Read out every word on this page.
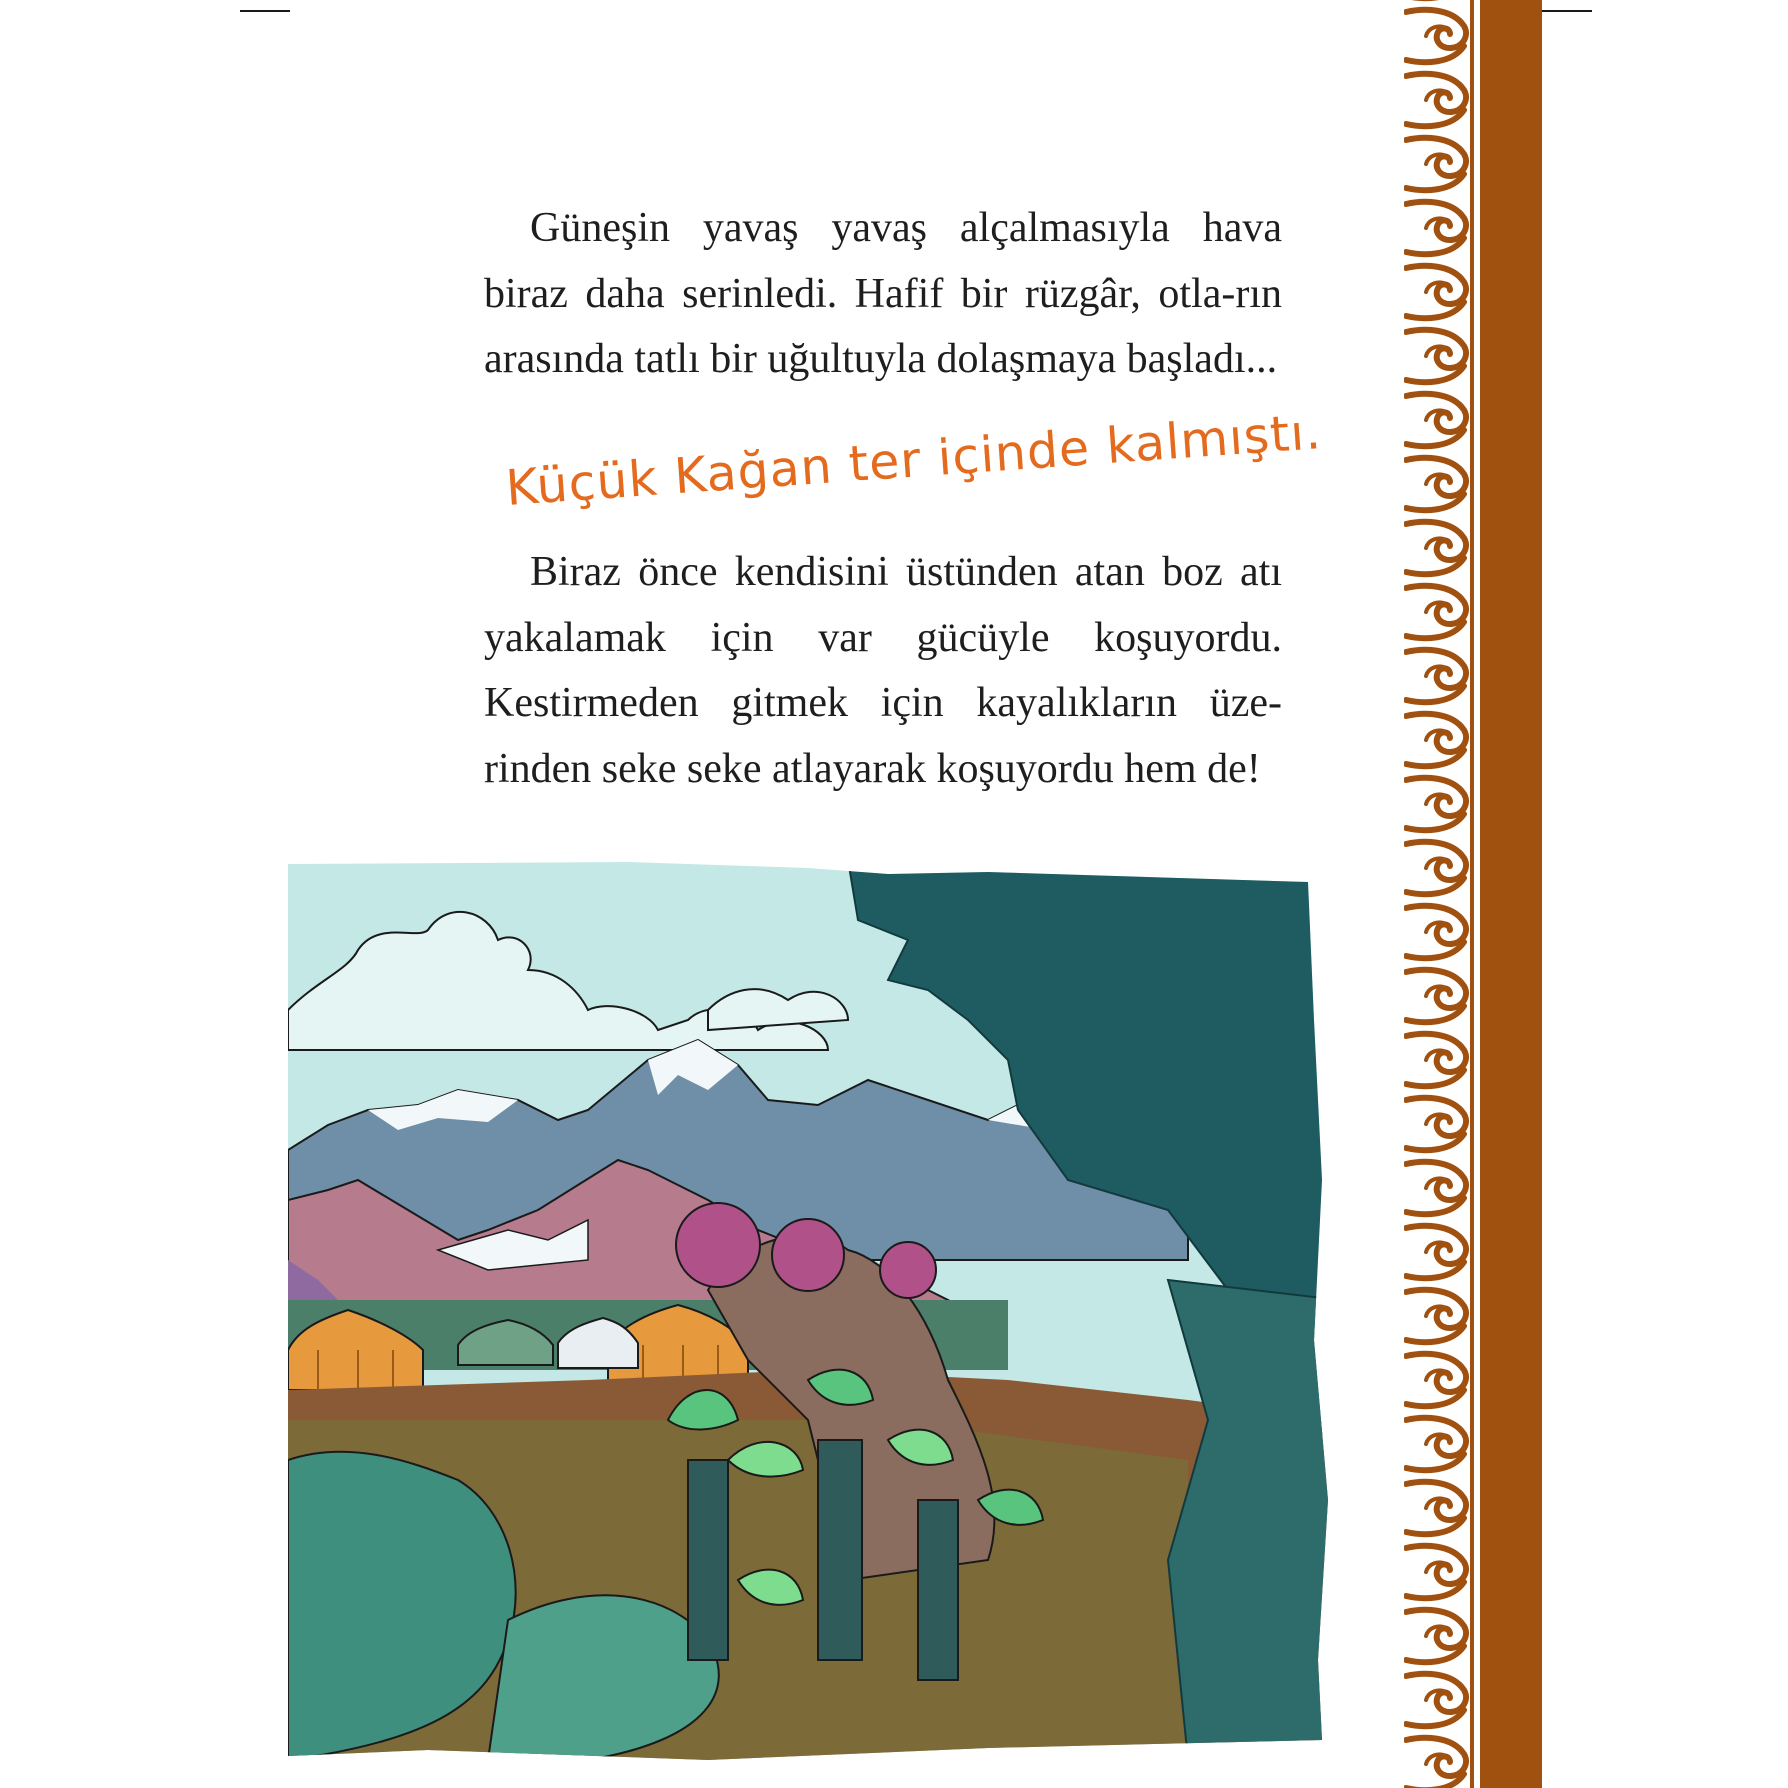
Güneşin yavaş yavaş alçalmasıyla hava biraz daha serinledi. Hafif bir rüzgâr, otla-rın arasında tatlı bir uğultuyla dolaşmaya başladı...
Küçük Kağan ter içinde kalmıştı.
Biraz önce kendisini üstünden atan boz atı yakalamak için var gücüyle koşuyordu. Kestirmeden gitmek için kayalıkların üze-rinden seke seke atlayarak koşuyordu hem de!
